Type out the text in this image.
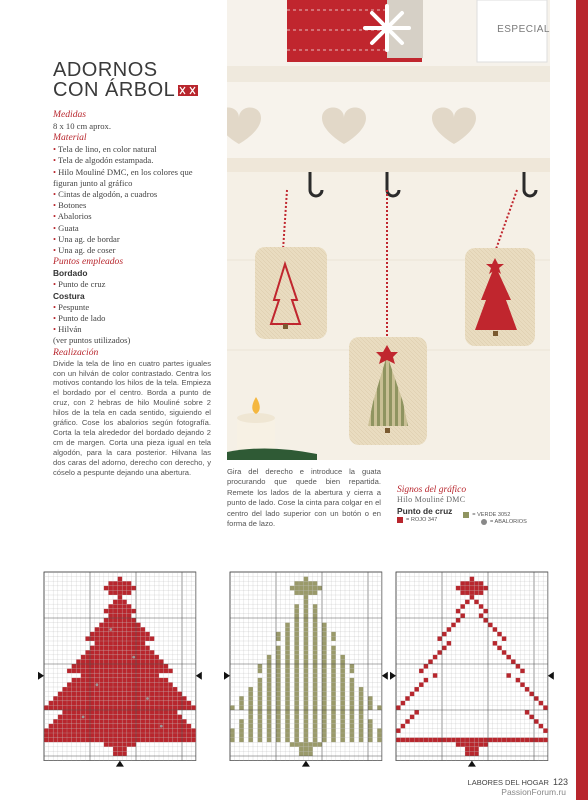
ESPECIAL
ADORNOS
CON ÁRBOL
Medidas
8 x 10 cm aprox.
Material
• Tela de lino, en color natural
• Tela de algodón estampada.
• Hilo Mouliné DMC, en los colores que figuran junto al gráfico
• Cintas de algodón, a cuadros
• Botones
• Abalorios
• Guata
• Una ag. de bordar
• Una ag. de coser
Puntos empleados
Bordado
• Punto de cruz
Costura
• Pespunte
• Punto de lado
• Hilván
(ver puntos utilizados)
Realización

Divide la tela de lino en cuatro partes iguales con un hilván de color contrastado. Centra los motivos contando los hilos de la tela. Empieza el bordado por el centro. Borda a punto de cruz, con 2 hebras de hilo Mouliné sobre 2 hilos de la tela en cada sentido, siguiendo el gráfico. Cose los abalorios según fotografía. Corta la tela alrededor del bordado dejando 2 cm de margen. Corta una pieza igual en tela algodón, para la cara posterior. Hilvana las dos caras del adorno, derecho con derecho, y cóselo a pespunte dejando una abertura.	Gira del derecho e introduce la guata procurando que quede bien repartida. Remete los lados de la abertura y cierra a punto de lado. Cose la cinta para colgar en el centro del lado superior con un botón o en forma de lazo.
Signos del gráfico
Hilo Mouliné DMC
Punto de cruz
= ROJO 347
= VERDE 3052
= ABALORIOS
LABORES DEL HOGAR 123
PassionForum.ru
